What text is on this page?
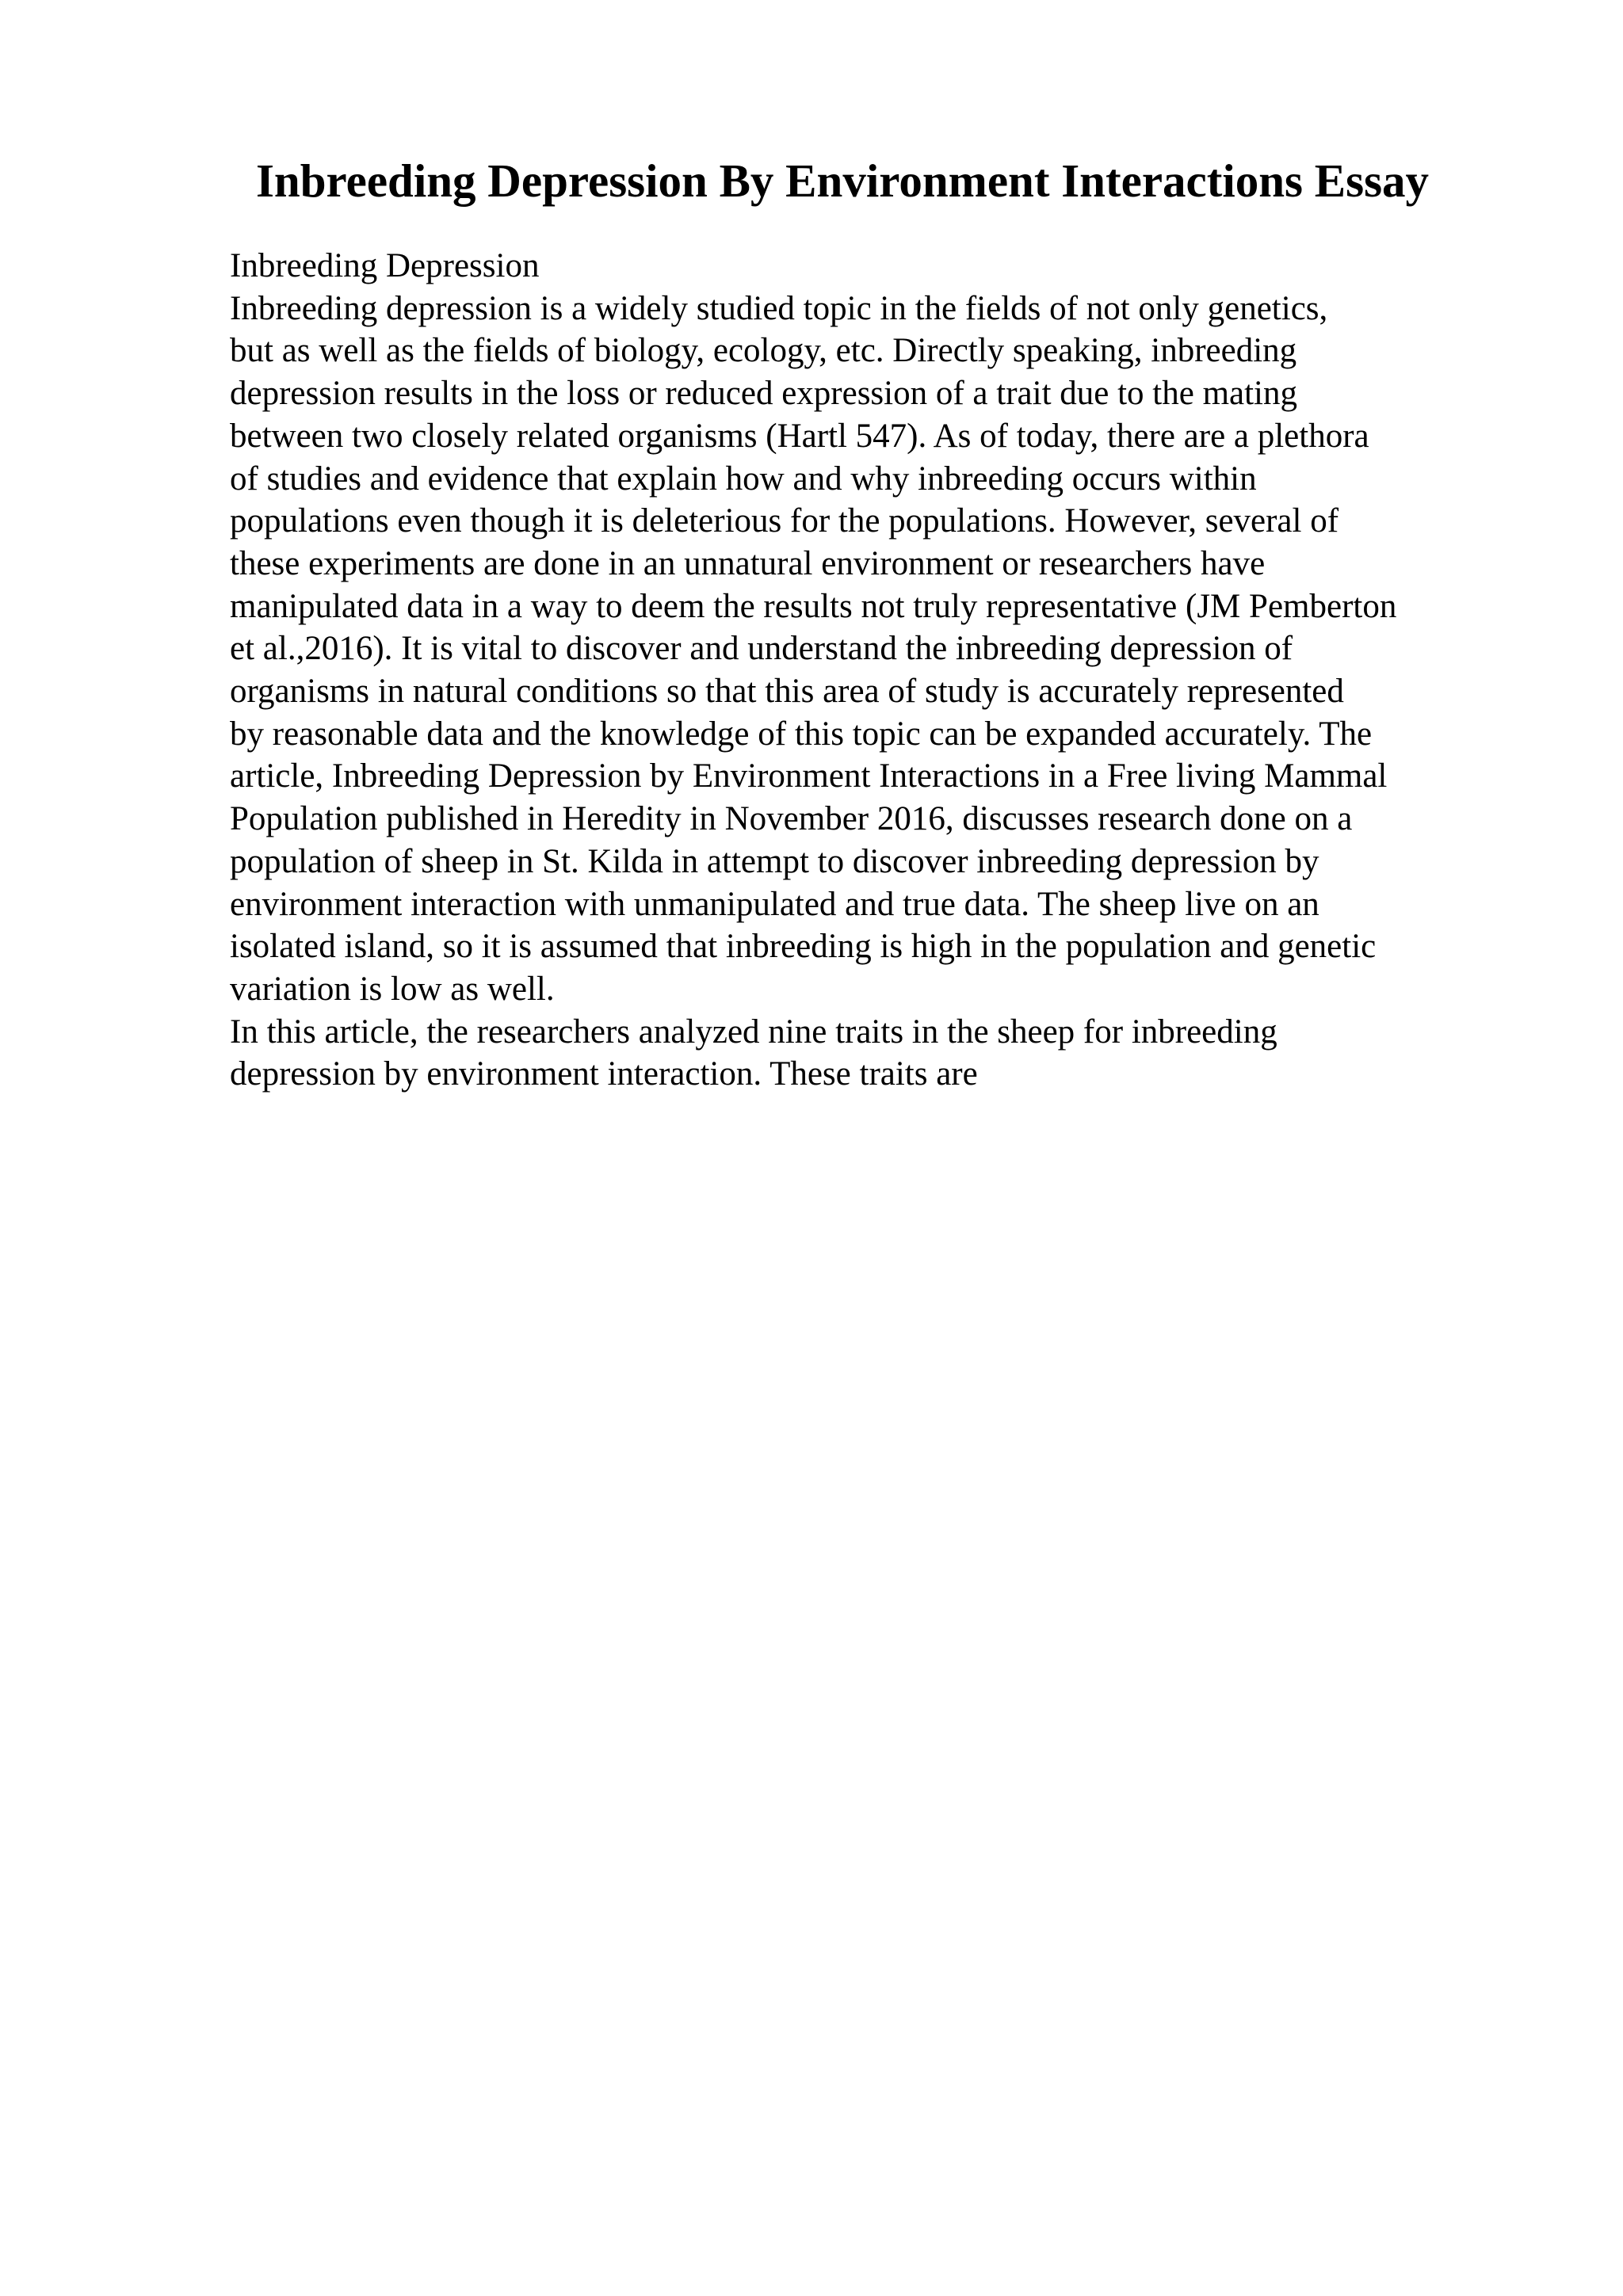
Inbreeding Depression By Environment Interactions Essay
Inbreeding Depression
Inbreeding depression is a widely studied topic in the fields of not only genetics,
but as well as the fields of biology, ecology, etc. Directly speaking, inbreeding
depression results in the loss or reduced expression of a trait due to the mating
between two closely related organisms (Hartl 547). As of today, there are a plethora
of studies and evidence that explain how and why inbreeding occurs within
populations even though it is deleterious for the populations. However, several of
these experiments are done in an unnatural environment or researchers have
manipulated data in a way to deem the results not truly representative (JM Pemberton
et al.,2016). It is vital to discover and understand the inbreeding depression of
organisms in natural conditions so that this area of study is accurately represented
by reasonable data and the knowledge of this topic can be expanded accurately. The
article, Inbreeding Depression by Environment Interactions in a Free living Mammal
Population published in Heredity in November 2016, discusses research done on a
population of sheep in St. Kilda in attempt to discover inbreeding depression by
environment interaction with unmanipulated and true data. The sheep live on an
isolated island, so it is assumed that inbreeding is high in the population and genetic
variation is low as well.
In this article, the researchers analyzed nine traits in the sheep for inbreeding
depression by environment interaction. These traits are
